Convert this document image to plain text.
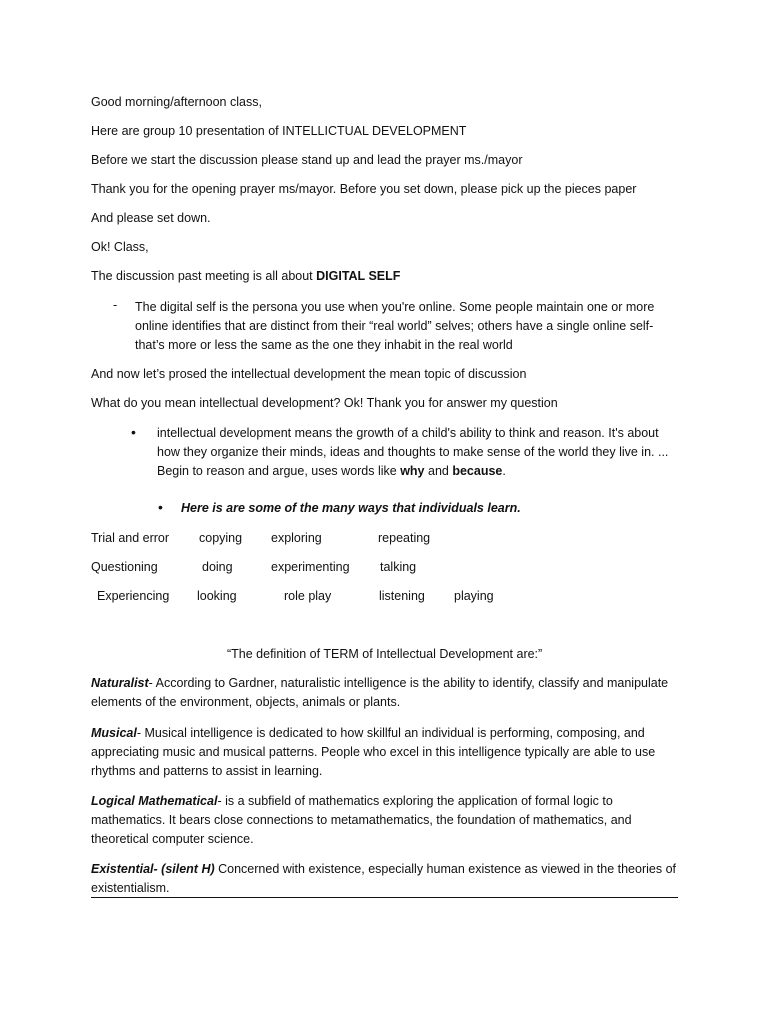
Good morning/afternoon class,
Here are group 10 presentation of INTELLICTUAL DEVELOPMENT
Before we start the discussion please stand up and lead the prayer ms./mayor
Thank you for the opening prayer ms/mayor. Before you set down, please pick up the pieces paper
And please set down.
Ok! Class,
The discussion past meeting is all about DIGITAL SELF
- The digital self is the persona you use when you're online. Some people maintain one or more online identifies that are distinct from their “real world” selves; others have a single online self-that’s more or less the same as the one they inhabit in the real world
And now let’s prosed the intellectual development the mean topic of discussion
What do you mean intellectual development? Ok! Thank you for answer my question
• intellectual development means the growth of a child's ability to think and reason. It's about how they organize their minds, ideas and thoughts to make sense of the world they live in. ... Begin to reason and argue, uses words like why and because.
• Here is are some of the many ways that individuals learn.
Trial and error copying exploring	repeating
Questioning	doing	experimenting talking
Experiencing looking	role play	listening playing
“The definition of TERM of Intellectual Development are:”
Naturalist- According to Gardner, naturalistic intelligence is the ability to identify, classify and manipulate elements of the environment, objects, animals or plants.
Musical- Musical intelligence is dedicated to how skillful an individual is performing, composing, and appreciating music and musical patterns. People who excel in this intelligence typically are able to use rhythms and patterns to assist in learning.
Logical Mathematical- is a subfield of mathematics exploring the application of formal logic to mathematics. It bears close connections to metamathematics, the foundation of mathematics, and theoretical computer science.
Existential- (silent H) Concerned with existence, especially human existence as viewed in the theories of existentialism.
